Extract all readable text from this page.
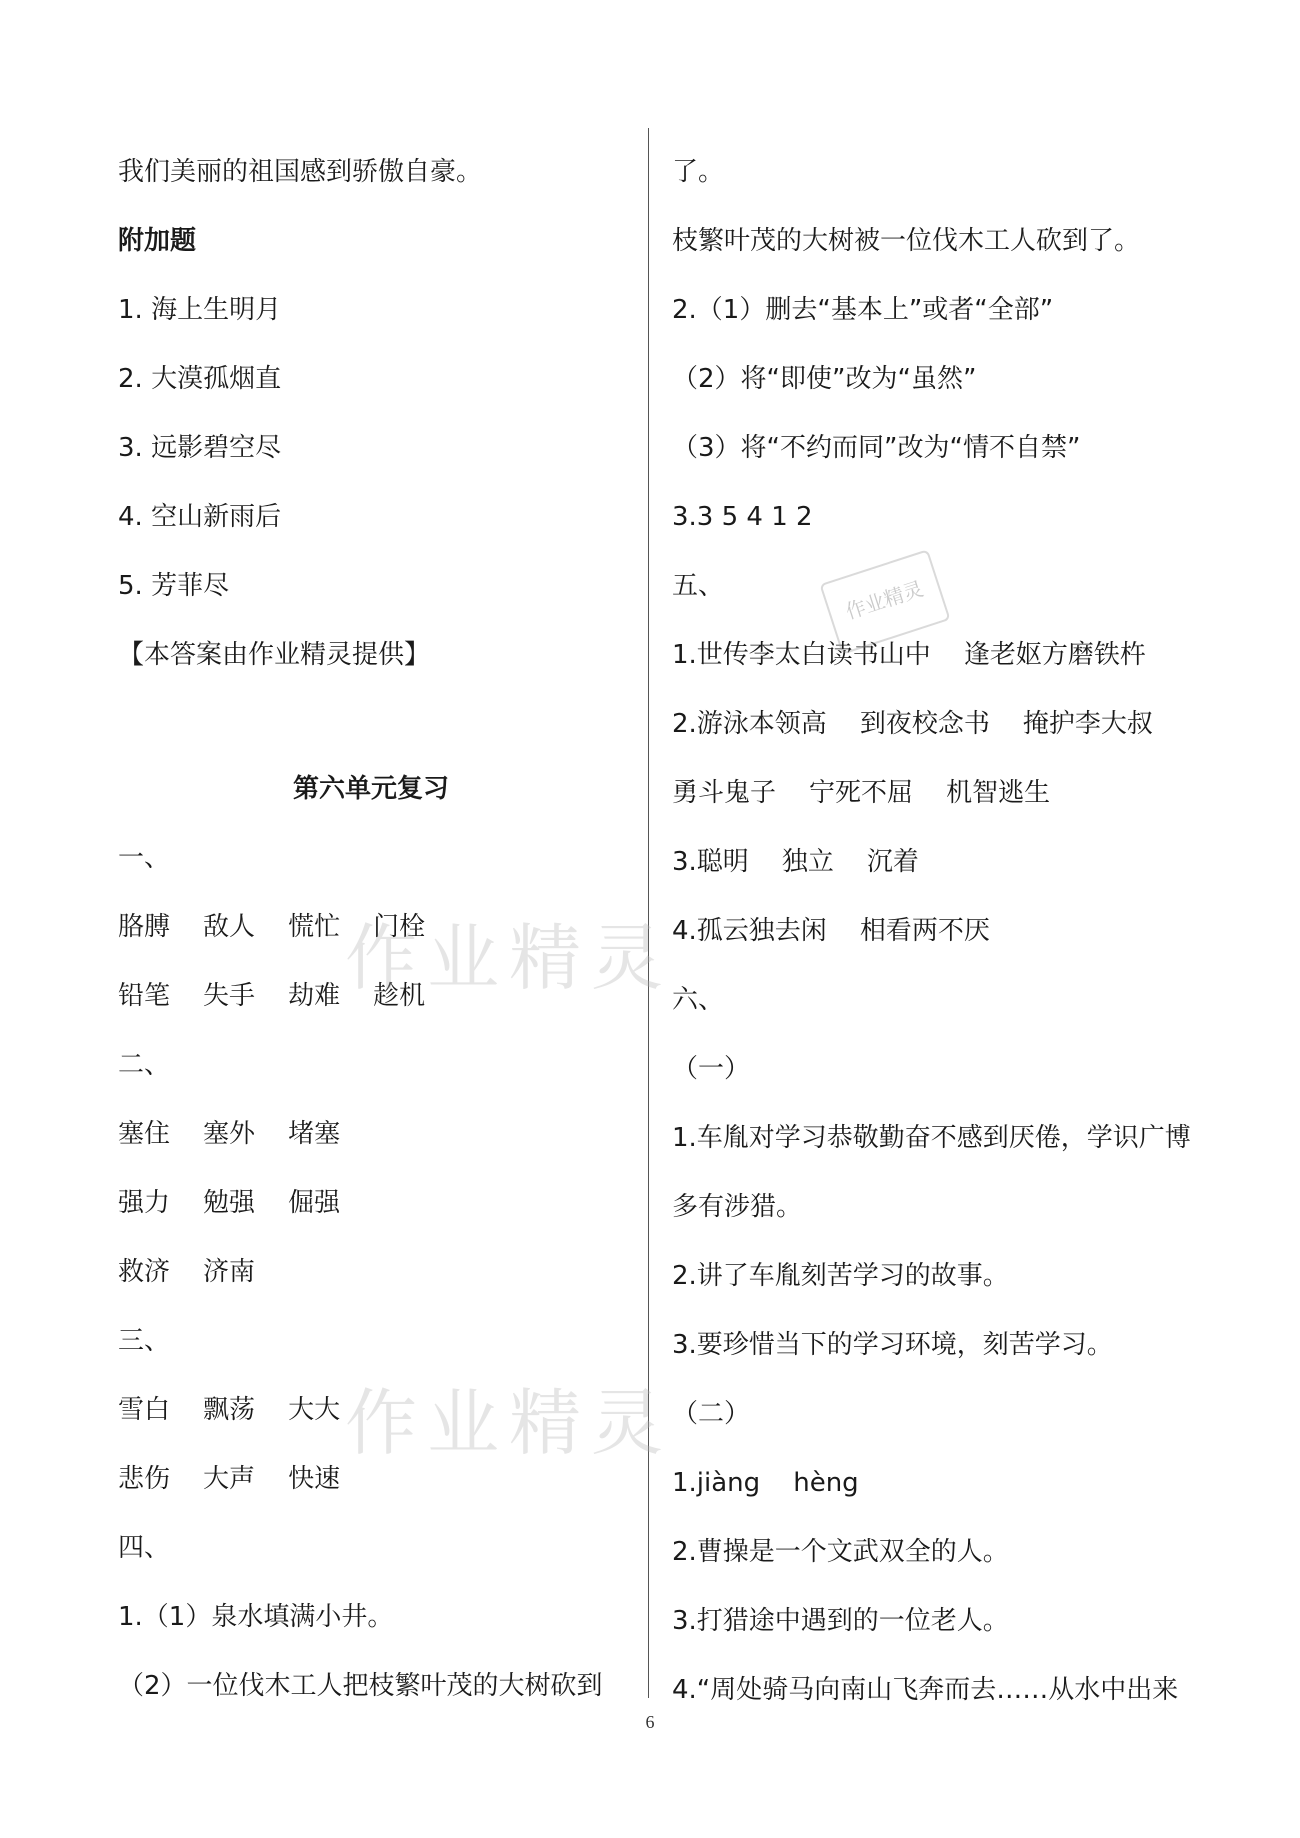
我们美丽的祖国感到骄傲自豪。
附加题
1. 海上生明月
2. 大漠孤烟直
3. 远影碧空尽
4. 空山新雨后
5. 芳菲尽
【本答案由作业精灵提供】
第六单元复习
一、
胳膊    敌人    慌忙    门栓
铅笔    失手    劫难    趁机
二、
塞住    塞外    堵塞
强力    勉强    倔强
救济    济南
三、
雪白    飘荡    大大
悲伤    大声    快速
四、
1.（1）泉水填满小井。
（2）一位伐木工人把枝繁叶茂的大树砍到
了。
枝繁叶茂的大树被一位伐木工人砍到了。
2.（1）删去“基本上”或者“全部”
（2）将“即使”改为“虽然”
（3）将“不约而同”改为“情不自禁”
3.3 5 4 1 2
五、
1.世传李太白读书山中    逢老妪方磨铁杵
2.游泳本领高    到夜校念书    掩护李大叔
勇斗鬼子    宁死不屈    机智逃生
3.聪明    独立    沉着
4.孤云独去闲    相看两不厌
六、
（一）
1.车胤对学习恭敬勤奋不感到厌倦，学识广博
多有涉猎。
2.讲了车胤刻苦学习的故事。
3.要珍惜当下的学习环境，刻苦学习。
（二）
1.jiàng    hèng
2.曹操是一个文武双全的人。
3.打猎途中遇到的一位老人。
4.“周处骑马向南山飞奔而去……从水中出来
作业精灵
作业精灵
作业精灵
6
